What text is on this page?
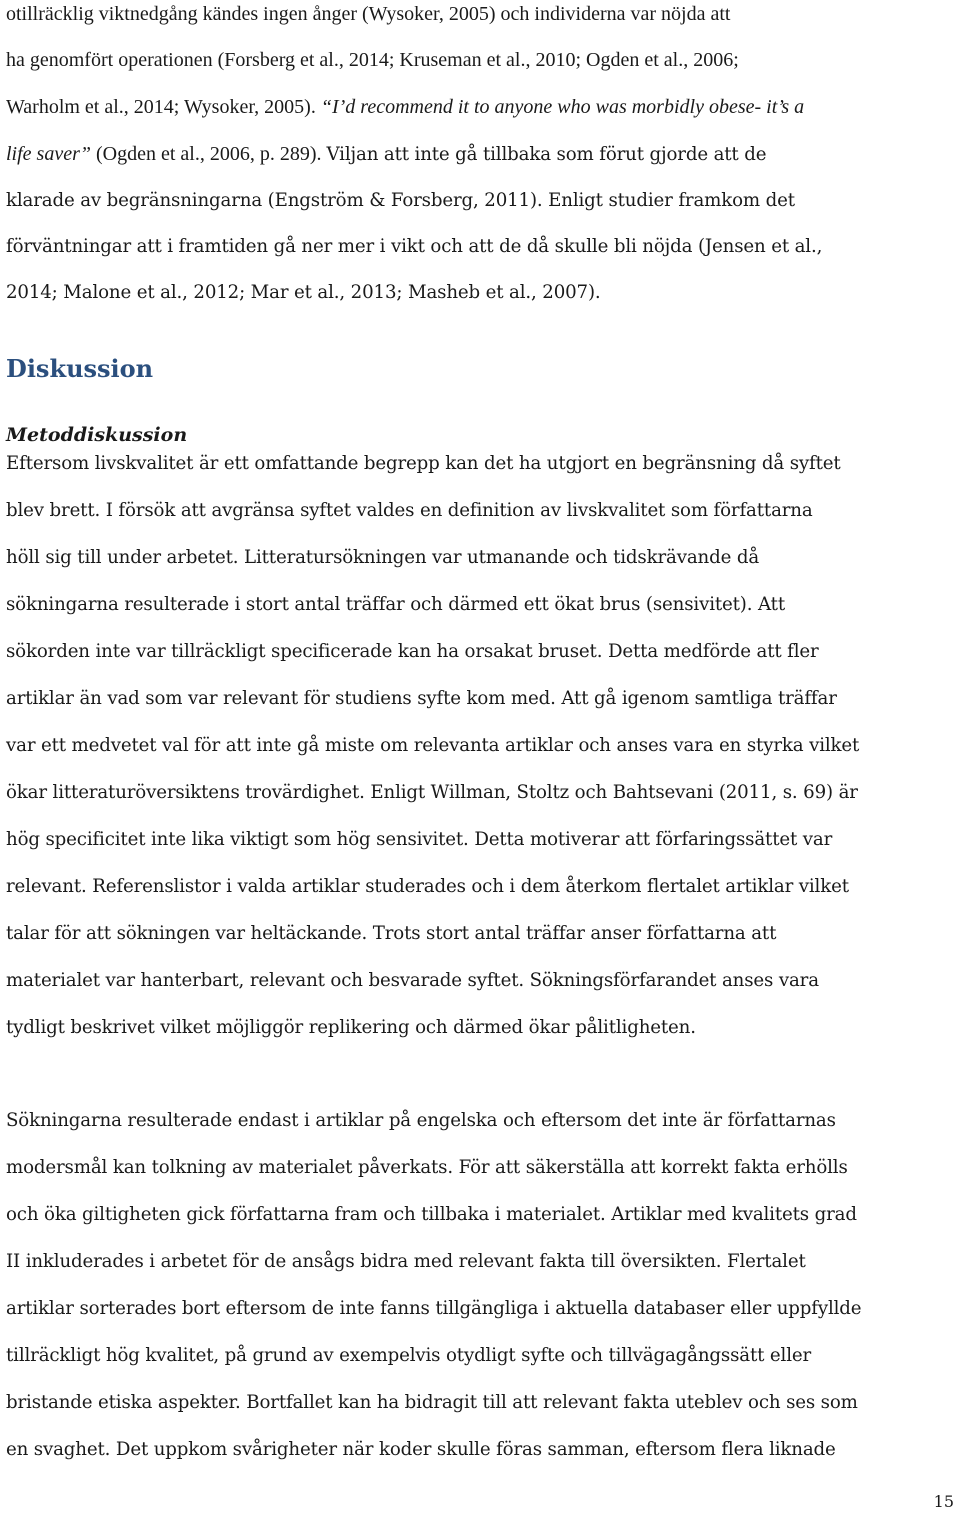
otillräcklig viktnedgång kändes ingen ånger (Wysoker, 2005) och individerna var nöjda att
ha genomfört operationen (Forsberg et al., 2014; Kruseman et al., 2010; Ogden et al., 2006;
Warholm et al., 2014; Wysoker, 2005). “I’d recommend it to anyone who was morbidly obese- it’s a
life saver” (Ogden et al., 2006, p. 289). Viljan att inte gå tillbaka som förut gjorde att de
klarade av begränsningarna (Engström & Forsberg, 2011). Enligt studier framkom det
förväntningar att i framtiden gå ner mer i vikt och att de då skulle bli nöjda (Jensen et al.,
2014; Malone et al., 2012; Mar et al., 2013; Masheb et al., 2007).
Diskussion
Metoddiskussion
Eftersom livskvalitet är ett omfattande begrepp kan det ha utgjort en begränsning då syftet
blev brett. I försök att avgränsa syftet valdes en definition av livskvalitet som författarna
höll sig till under arbetet. Litteratursökningen var utmanande och tidskrävande då
sökningarna resulterade i stort antal träffar och därmed ett ökat brus (sensivitet). Att
sökorden inte var tillräckligt specificerade kan ha orsakat bruset. Detta medförde att fler
artiklar än vad som var relevant för studiens syfte kom med. Att gå igenom samtliga träffar
var ett medvetet val för att inte gå miste om relevanta artiklar och anses vara en styrka vilket
ökar litteraturöversiktens trovärdighet. Enligt Willman, Stoltz och Bahtsevani (2011, s. 69) är
hög specificitet inte lika viktigt som hög sensivitet. Detta motiverar att förfaringssättet var
relevant. Referenslistor i valda artiklar studerades och i dem återkom flertalet artiklar vilket
talar för att sökningen var heltäckande. Trots stort antal träffar anser författarna att
materialet var hanterbart, relevant och besvarade syftet. Sökningsförfarandet anses vara
tydligt beskrivet vilket möjliggör replikering och därmed ökar pålitligheten.
Sökningarna resulterade endast i artiklar på engelska och eftersom det inte är författarnas
modersmål kan tolkning av materialet påverkats. För att säkerställa att korrekt fakta erhölls
och öka giltigheten gick författarna fram och tillbaka i materialet. Artiklar med kvalitets grad
II inkluderades i arbetet för de ansågs bidra med relevant fakta till översikten. Flertalet
artiklar sorterades bort eftersom de inte fanns tillgängliga i aktuella databaser eller uppfyllde
tillräckligt hög kvalitet, på grund av exempelvis otydligt syfte och tillvägagångssätt eller
bristande etiska aspekter. Bortfallet kan ha bidragit till att relevant fakta uteblev och ses som
en svaghet. Det uppkom svårigheter när koder skulle föras samman, eftersom flera liknade
15
